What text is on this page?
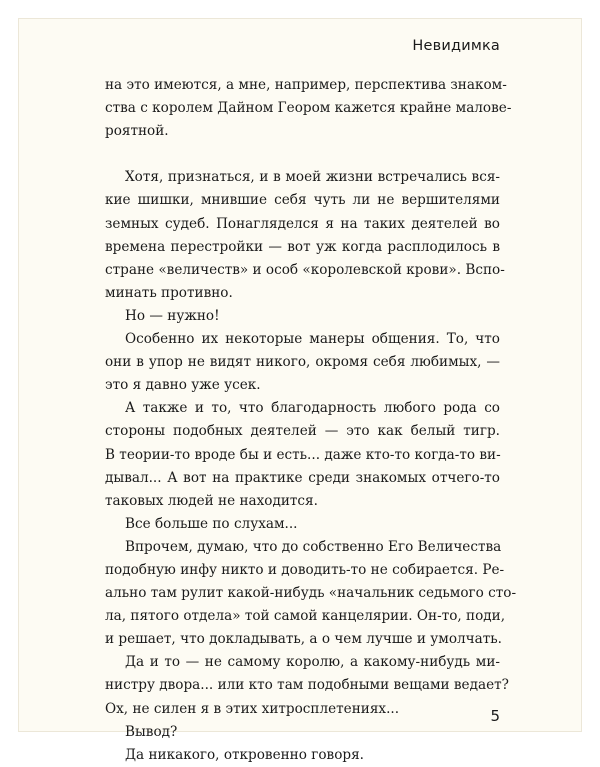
Невидимка
на это имеются, а мне, например, перспектива знаком-
ства с королем Дайном Геором кажется крайне малове-
роятной.
Хотя, признаться, и в моей жизни встречались вся-
кие шишки, мнившие себя чуть ли не вершителями
земных судеб. Понагляделся я на таких деятелей во
времена перестройки — вот уж когда расплодилось в
стране «величеств» и особ «королевской крови». Вспо-
минать противно.
Но — нужно!
Особенно их некоторые манеры общения. То, что
они в упор не видят никого, окромя себя любимых, —
это я давно уже усек.
А также и то, что благодарность любого рода со
стороны подобных деятелей — это как белый тигр.
В теории-то вроде бы и есть... даже кто-то когда-то ви-
дывал... А вот на практике среди знакомых отчего-то
таковых людей не находится.
Все больше по слухам...
Впрочем, думаю, что до собственно Его Величества
подобную инфу никто и доводить-то не собирается. Ре-
ально там рулит какой-нибудь «начальник седьмого сто-
ла, пятого отдела» той самой канцелярии. Он-то, поди,
и решает, что докладывать, а о чем лучше и умолчать.
Да и то — не самому королю, а какому-нибудь ми-
нистру двора... или кто там подобными вещами ведает?
Ох, не силен я в этих хитросплетениях...
Вывод?
Да никакого, откровенно говоря.
5
